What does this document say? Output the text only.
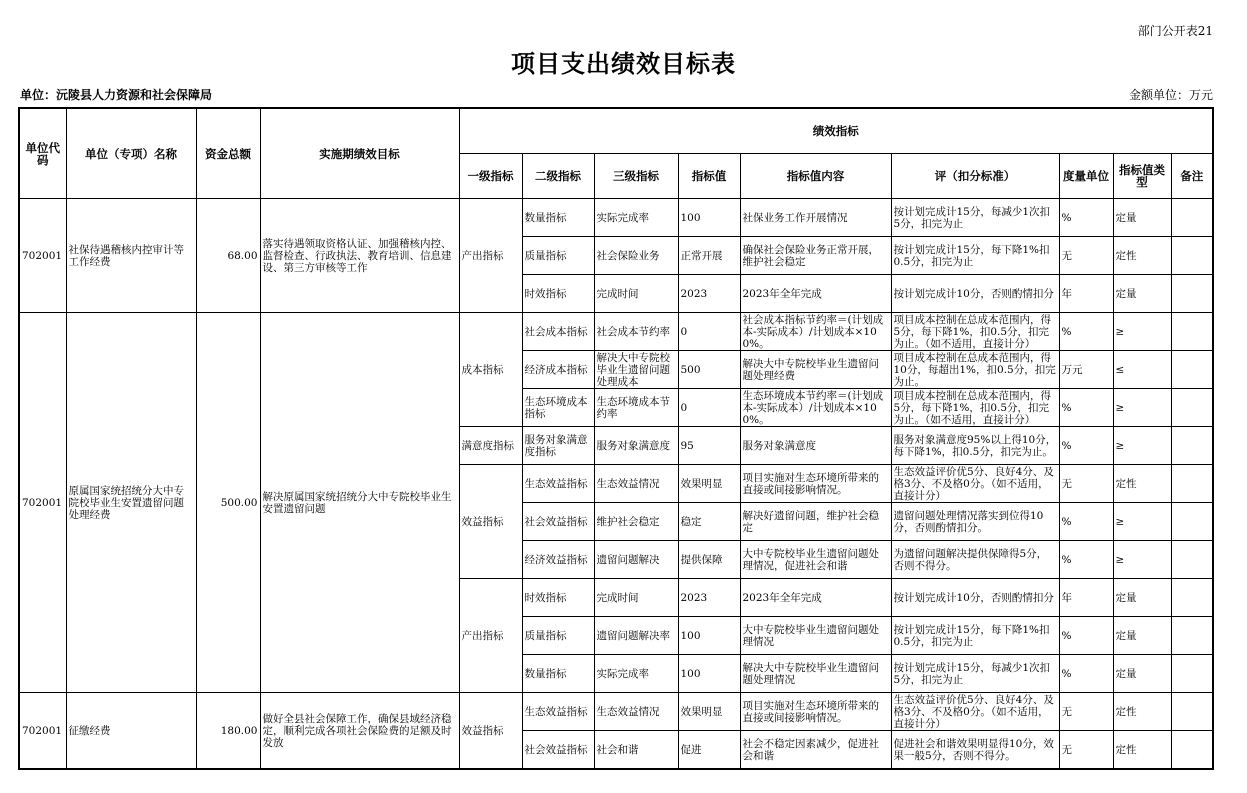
部门公开表21
项目支出绩效目标表
单位：沅陵县人力资源和社会保障局	金额单位：万元
单位代码	单位（专项）名称	资金总额	实施期绩效目标	绩效指标								
				一级指标	二级指标	三级指标	指标值	指标值内容	评（扣分标准）	度量单位	指标值类型	备注
702001	社保待遇稽核内控审计等工作经费	68.00	落实待遇领取资格认证、加强稽核内控、监督检查、行政执法、教育培训、信息建设、第三方审核等工作	产出指标	数量指标	实际完成率	100	社保业务工作开展情况	按计划完成计15分，每减少1次扣5分，扣完为止	%	定量	
					质量指标	社会保险业务	正常开展	确保社会保险业务正常开展，维护社会稳定	按计划完成计15分，每下降1%扣0.5分，扣完为止	无	定性	
					时效指标	完成时间	2023	2023年全年完成	按计划完成计10分，否则酌情扣分	年	定量	
702001	原属国家统招统分大中专院校毕业生安置遗留问题处理经费	500.00	解决原属国家统招统分大中专院校毕业生安置遗留问题	成本指标	社会成本指标	社会成本节约率	0	社会成本指标节约率＝(计划成本-实际成本）/计划成本×100%。	项目成本控制在总成本范围内，得5分，每下降1%，扣0.5分，扣完为止。（如不适用，直接计分）	%	≥	
					经济成本指标	解决大中专院校毕业生遗留问题处理成本	500	解决大中专院校毕业生遗留问题处理经费	项目成本控制在总成本范围内，得10分，每超出1%，扣0.5分，扣完为止。	万元	≤	
					生态环境成本指标	生态环境成本节约率	0	生态环境成本节约率＝(计划成本-实际成本）/计划成本×100%。	项目成本控制在总成本范围内，得5分，每下降1%，扣0.5分，扣完为止。（如不适用，直接计分）	%	≥	
				满意度指标	服务对象满意度指标	服务对象满意度	95	服务对象满意度	服务对象满意度95%以上得10分，每下降1%，扣0.5分，扣完为止。	%	≥	
				效益指标	生态效益指标	生态效益情况	效果明显	项目实施对生态环境所带来的直接或间接影响情况。	生态效益评价优5分、良好4分、及格3分、不及格0分。（如不适用，直接计分）	无	定性	
					社会效益指标	维护社会稳定	稳定	解决好遗留问题，维护社会稳定	遗留问题处理情况落实到位得10分，否则酌情扣分。	%	≥	
					经济效益指标	遗留问题解决	提供保障	大中专院校毕业生遗留问题处理情况，促进社会和谐	为遗留问题解决提供保障得5分，否则不得分。	%	≥	
				产出指标	时效指标	完成时间	2023	2023年全年完成	按计划完成计10分，否则酌情扣分	年	定量	
					质量指标	遗留问题解决率	100	大中专院校毕业生遗留问题处理情况	按计划完成计15分，每下降1%扣0.5分，扣完为止	%	定量	
					数量指标	实际完成率	100	解决大中专院校毕业生遗留问题处理情况	按计划完成计15分，每减少1次扣5分，扣完为止	%	定量	
702001	征缴经费	180.00	做好全县社会保障工作，确保县域经济稳定，顺利完成各项社会保险费的足额及时发放	效益指标	生态效益指标	生态效益情况	效果明显	项目实施对生态环境所带来的直接或间接影响情况。	生态效益评价优5分、良好4分、及格3分、不及格0分。（如不适用，直接计分）	无	定性	
					社会效益指标	社会和谐	促进	社会不稳定因素减少，促进社会和谐	促进社会和谐效果明显得10分，效果一般5分，否则不得分。	无	定性	
